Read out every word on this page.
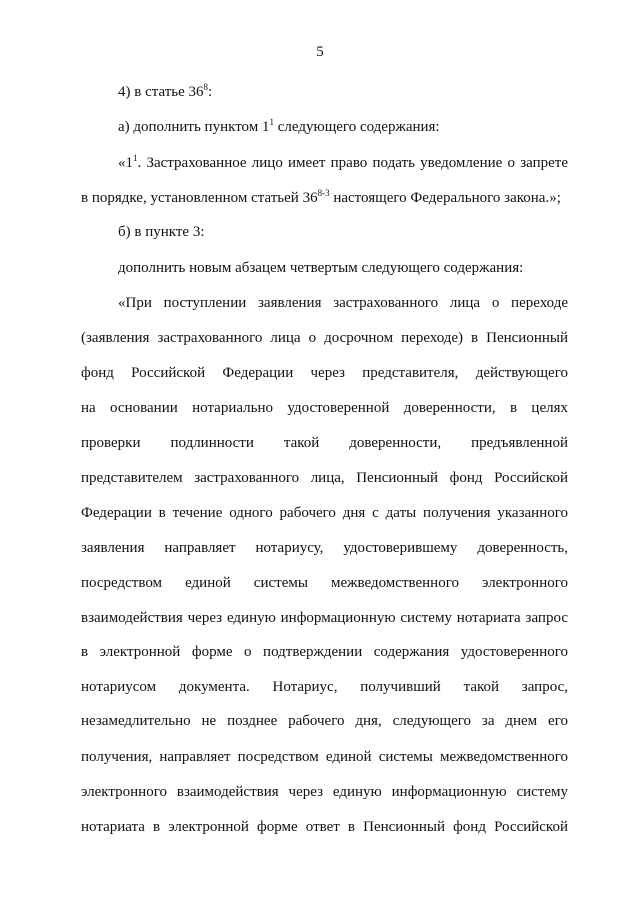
5
4) в статье $36^8$:
а) дополнить пунктом $1^1$ следующего содержания:
«$1^1$. Застрахованное лицо имеет право подать уведомление о запрете
в порядке, установленном статьей 36$^{8-3}$ настоящего Федерального закона.»;
б) в пункте 3:
дополнить новым абзацем четвертым следующего содержания:
«При поступлении заявления застрахованного лица о переходе
(заявления застрахованного лица о досрочном переходе) в Пенсионный
фонд Российской Федерации через представителя, действующего
на основании нотариально удостоверенной доверенности, в целях
проверки подлинности такой доверенности, предъявленной
представителем застрахованного лица, Пенсионный фонд Российской
Федерации в течение одного рабочего дня с даты получения указанного
заявления направляет нотариусу, удостоверившему доверенность,
посредством единой системы межведомственного электронного
взаимодействия через единую информационную систему нотариата запрос
в электронной форме о подтверждении содержания удостоверенного
нотариусом документа. Нотариус, получивший такой запрос,
незамедлительно не позднее рабочего дня, следующего за днем его
получения, направляет посредством единой системы межведомственного
электронного взаимодействия через единую информационную систему
нотариата в электронной форме ответ в Пенсионный фонд Российской
